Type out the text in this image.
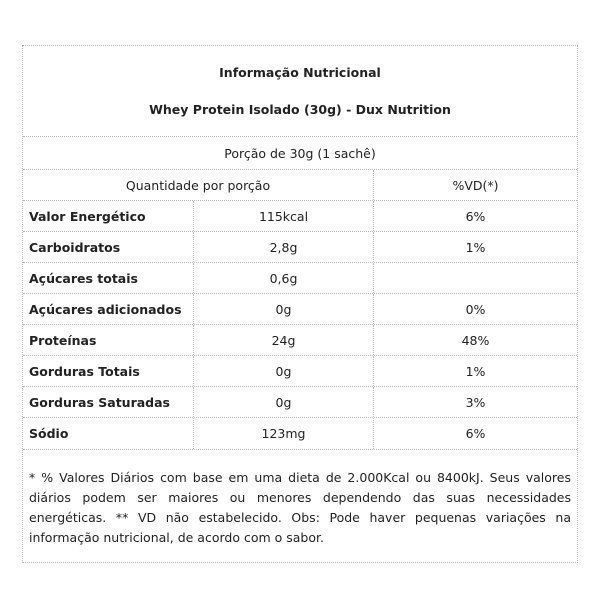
Informação Nutricional
Whey Protein Isolado (30g) - Dux Nutrition
Porção de 30g (1 sachê)
Quantidade por porção	%VD(*)
Valor Energético	115kcal	6%
Carboidratos	2,8g	1%
Açúcares totais	0,6g
Açúcares adicionados	0g	0%
Proteínas	24g	48%
Gorduras Totais	0g	1%
Gorduras Saturadas	0g	3%
Sódio	123mg	6%
* % Valores Diários com base em uma dieta de 2.000Kcal ou 8400kJ. Seus valores diários podem ser maiores ou menores dependendo das suas necessidades energéticas. ** VD não estabelecido. Obs: Pode haver pequenas variações na informação nutricional, de acordo com o sabor.
